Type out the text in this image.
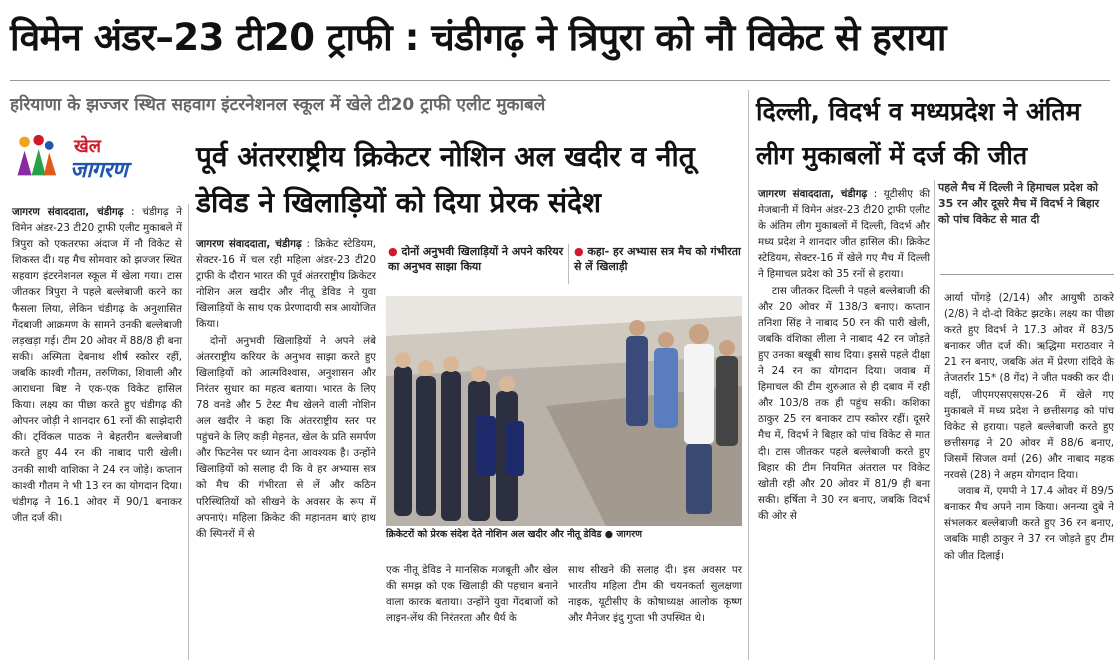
विमेन अंडर–23 टी20 ट्राफी : चंडीगढ़ ने त्रिपुरा को नौ विकेट से हराया
हरियाणा के झज्जर स्थित सहवाग इंटरनेशनल स्कूल में खेले टी20 ट्राफी एलीट मुकाबले
खेल
जागरण पूर्व अंतरराष्ट्रीय क्रिकेटर नोशिन अल खदीर व नीतू डेविड ने खिलाड़ियों को दिया प्रेरक संदेश
दिल्ली, विदर्भ व मध्यप्रदेश ने अंतिम लीग मुकाबलों में दर्ज की जीत

जागरण संवाददाता, चंडीगढ़ : चंडीगढ़ ने विमेन अंडर-23 टी20 ट्राफी एलीट मुकाबले में त्रिपुरा को एकतरफा अंदाज में नौ विकेट से शिकस्त दी। यह मैच सोमवार को झज्जर स्थित सहवाग इंटरनेशनल स्कूल में खेला गया। टास जीतकर त्रिपुरा ने पहले बल्लेबाजी करने का फैसला लिया, लेकिन चंडीगढ़ के अनुशासित गेंदबाजी आक्रमण के सामने उनकी बल्लेबाजी लड़खड़ा गई। टीम 20 ओवर में 88/8 ही बना सकी। अस्मिता देबनाथ शीर्ष स्कोरर रहीं, जबकि काश्वी गौतम, तरुणिका, शिवाली और आराधना बिष्ट ने एक-एक विकेट हासिल किया। लक्ष्य का पीछा करते हुए चंडीगढ़ की ओपनर जोड़ी ने शानदार 61 रनों की साझेदारी की। ट्विंकल पाठक ने बेहतरीन बल्लेबाजी करते हुए 44 रन की नाबाद पारी खेली। उनकी साथी वाशिका ने 24 रन जोड़े। कप्तान काश्वी गौतम ने भी 13 रन का योगदान दिया। चंडीगढ़ ने 16.1 ओवर में 90/1 बनाकर जीत दर्ज की।

जागरण संवाददाता, चंडीगढ़ : क्रिकेट स्टेडियम, सेक्टर-16 में चल रही महिला अंडर-23 टी20 ट्राफी के दौरान भारत की पूर्व अंतरराष्ट्रीय क्रिकेटर नोशिन अल खदीर और नीतू डेविड ने युवा खिलाड़ियों के साथ एक प्रेरणादायी सत्र आयोजित किया।

दोनों अनुभवी खिलाड़ियों ने अपने लंबे अंतरराष्ट्रीय करियर के अनुभव साझा करते हुए खिलाड़ियों को आत्मविश्वास, अनुशासन और निरंतर सुधार का महत्व बताया। भारत के लिए 78 वनडे और 5 टेस्ट मैच खेलने वाली नोशिन अल खदीर ने कहा कि अंतरराष्ट्रीय स्तर पर पहुंचने के लिए कड़ी मेहनत, खेल के प्रति समर्पण और फिटनेस पर ध्यान देना आवश्यक है। उन्होंने खिलाड़ियों को सलाह दी कि वे हर अभ्यास सत्र को मैच की गंभीरता से लें और कठिन परिस्थितियों को सीखने के अवसर के रूप में अपनाएं। महिला क्रिकेट की महानतम बाएं हाथ की स्पिनरों में से

● दोनों अनुभवी खिलाड़ियों ने अपने करियर का अनुभव साझा किया
● कहा- हर अभ्यास सत्र मैच को गंभीरता से लें खिलाड़ी
क्रिकेटरों को प्रेरक संदेश देते नोशिन अल खदीर और नीतू डेविड ● जागरण

एक नीतू डेविड ने मानसिक मजबूती और खेल की समझ को एक खिलाड़ी की पहचान बनाने वाला कारक बताया। उन्होंने युवा गेंदबाजों को लाइन-लेंथ की निरंतरता और धैर्य के

साथ सीखने की सलाह दी। इस अवसर पर भारतीय महिला टीम की चयनकर्ता सुलक्षणा नाइक, यूटीसीए के कोषाध्यक्ष आलोक कृष्ण और मैनेजर इंदु गुप्ता भी उपस्थित थे।

जागरण संवाददाता, चंडीगढ़ : यूटीसीए की मेजबानी में विमेन अंडर-23 टी20 ट्राफी एलीट के अंतिम लीग मुकाबलों में दिल्ली, विदर्भ और मध्य प्रदेश ने शानदार जीत हासिल की। क्रिकेट स्टेडियम, सेक्टर-16 में खेले गए मैच में दिल्ली ने हिमाचल प्रदेश को 35 रनों से हराया।

टास जीतकर दिल्ली ने पहले बल्लेबाजी की और 20 ओवर में 138/3 बनाए। कप्तान तनिशा सिंह ने नाबाद 50 रन की पारी खेली, जबकि वंशिका लीला ने नाबाद 42 रन जोड़ते हुए उनका बखूबी साथ दिया। इससे पहले दीक्षा ने 24 रन का योगदान दिया। जवाब में हिमाचल की टीम शुरुआत से ही दबाव में रही और 103/8 तक ही पहुंच सकी। कशिका ठाकुर 25 रन बनाकर टाप स्कोरर रहीं। दूसरे मैच में, विदर्भ ने बिहार को पांच विकेट से मात दी। टास जीतकर पहले बल्लेबाजी करते हुए बिहार की टीम नियमित अंतराल पर विकेट खोती रही और 20 ओवर में 81/9 ही बना सकी। हर्षिता ने 30 रन बनाए, जबकि विदर्भ की ओर से

पहले मैच में दिल्ली ने हिमाचल प्रदेश को 35 रन और दूसरे मैच में विदर्भ ने बिहार को पांच विकेट से मात दी

आर्या पोंगड़े (2/14) और आयुषी ठाकरे (2/8) ने दो-दो विकेट झटके। लक्ष्य का पीछा करते हुए विदर्भ ने 17.3 ओवर में 83/5 बनाकर जीत दर्ज की। ऋद्धिमा मराठवार ने 21 रन बनाए, जबकि अंत में प्रेरणा रांदिवे के तेजतर्रार 15* (8 गेंद) ने जीत पक्की कर दी। वहीं, जीएमएसएसएस-26 में खेले गए मुकाबले में मध्य प्रदेश ने छत्तीसगढ़ को पांच विकेट से हराया। पहले बल्लेबाजी करते हुए छत्तीसगढ़ ने 20 ओवर में 88/6 बनाए, जिसमें सिजल वर्मा (26) और नाबाद महक नरवसे (28) ने अहम योगदान दिया।

जवाब में, एमपी ने 17.4 ओवर में 89/5 बनाकर मैच अपने नाम किया। अनन्या दुबे ने संभलकर बल्लेबाजी करते हुए 36 रन बनाए, जबकि माही ठाकुर ने 37 रन जोड़ते हुए टीम को जीत दिलाई।
